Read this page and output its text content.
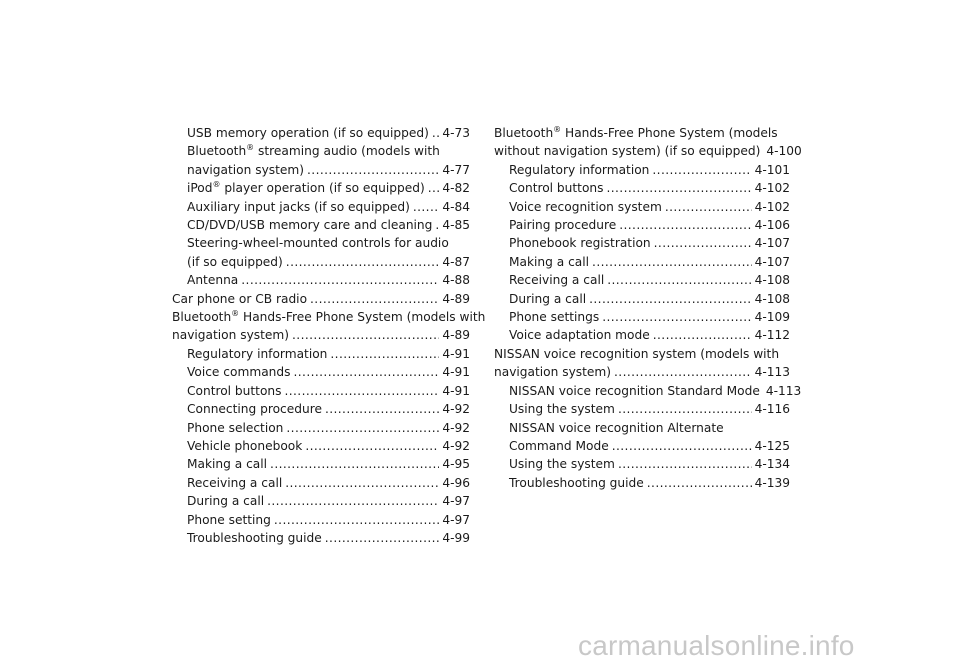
USB memory operation (if so equipped) ..... 4-73
Bluetooth® streaming audio (models with
navigation system) .....	4-77
iPod® player operation (if so equipped) ..... 4-82
Auxiliary input jacks (if so equipped) .....	4-84
CD/DVD/USB memory care and cleaning ..... 4-85
Steering-wheel-mounted controls for audio
(if so equipped) .....	4-87
Antenna .....	4-88
Car phone or CB radio .....	4-89
Bluetooth® Hands-Free Phone System (models with
navigation system) .....	4-89
Regulatory information .....	4-91
Voice commands .....	4-91
Control buttons .....	4-91
Connecting procedure .....	4-92
Phone selection .....	4-92
Vehicle phonebook .....	4-92
Making a call .....	4-95
Receiving a call .....	4-96
During a call .....	4-97
Phone setting .....	4-97
Troubleshooting guide .....	4-99
Bluetooth® Hands-Free Phone System (models
without navigation system) (if so equipped) 4-100
Regulatory information .....	4-101
Control buttons .....	4-102
Voice recognition system .....	4-102
Pairing procedure .....	4-106
Phonebook registration .....	4-107
Making a call .....	4-107
Receiving a call .....	4-108
During a call .....	4-108
Phone settings .....	4-109
Voice adaptation mode .....	4-112
NISSAN voice recognition system (models with
navigation system) .....	4-113
NISSAN voice recognition Standard Mode 4-113
Using the system .....	4-116
NISSAN voice recognition Alternate
Command Mode .....	4-125
Using the system .....	4-134
Troubleshooting guide .....	4-139
carmanualsonline.info
